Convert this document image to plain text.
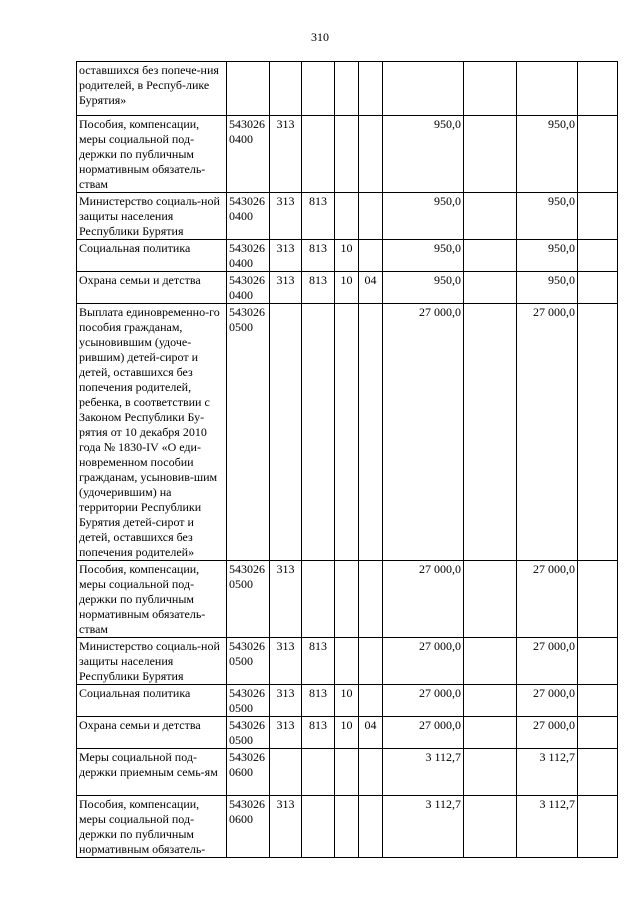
310
оставшихся без попече-ния родителей, в Респуб-лике Бурятия»									
Пособия, компенсации, меры социальной под-держки по публичным нормативным обязатель-ствам	543026 0400	313				950,0		950,0	
Министерство социаль-ной защиты населения Республики Бурятия	543026 0400	313	813			950,0		950,0	
Социальная политика	543026 0400	313	813	10		950,0		950,0	
Охрана семьи и детства	543026 0400	313	813	10	04	950,0		950,0	
Выплата единовременно-го пособия гражданам, усыновившим (удоче-рившим) детей-сирот и детей, оставшихся без попечения родителей, ребенка, в соответствии с Законом Республики Бу-рятия от 10 декабря 2010 года № 1830-IV «О еди-новременном пособии гражданам, усыновив-шим (удочерившим) на территории Республики Бурятия детей-сирот и детей, оставшихся без попечения родителей»	543026 0500					27 000,0		27 000,0	
Пособия, компенсации, меры социальной под-держки по публичным нормативным обязатель-ствам	543026 0500	313				27 000,0		27 000,0	
Министерство социаль-ной защиты населения Республики Бурятия	543026 0500	313	813			27 000,0		27 000,0	
Социальная политика	543026 0500	313	813	10		27 000,0		27 000,0	
Охрана семьи и детства	543026 0500	313	813	10	04	27 000,0		27 000,0	
Меры социальной под-держки приемным семь-ям	543026 0600					3 112,7		3 112,7	
Пособия, компенсации, меры социальной под-держки по публичным нормативным обязатель-	543026 0600	313				3 112,7		3 112,7	
